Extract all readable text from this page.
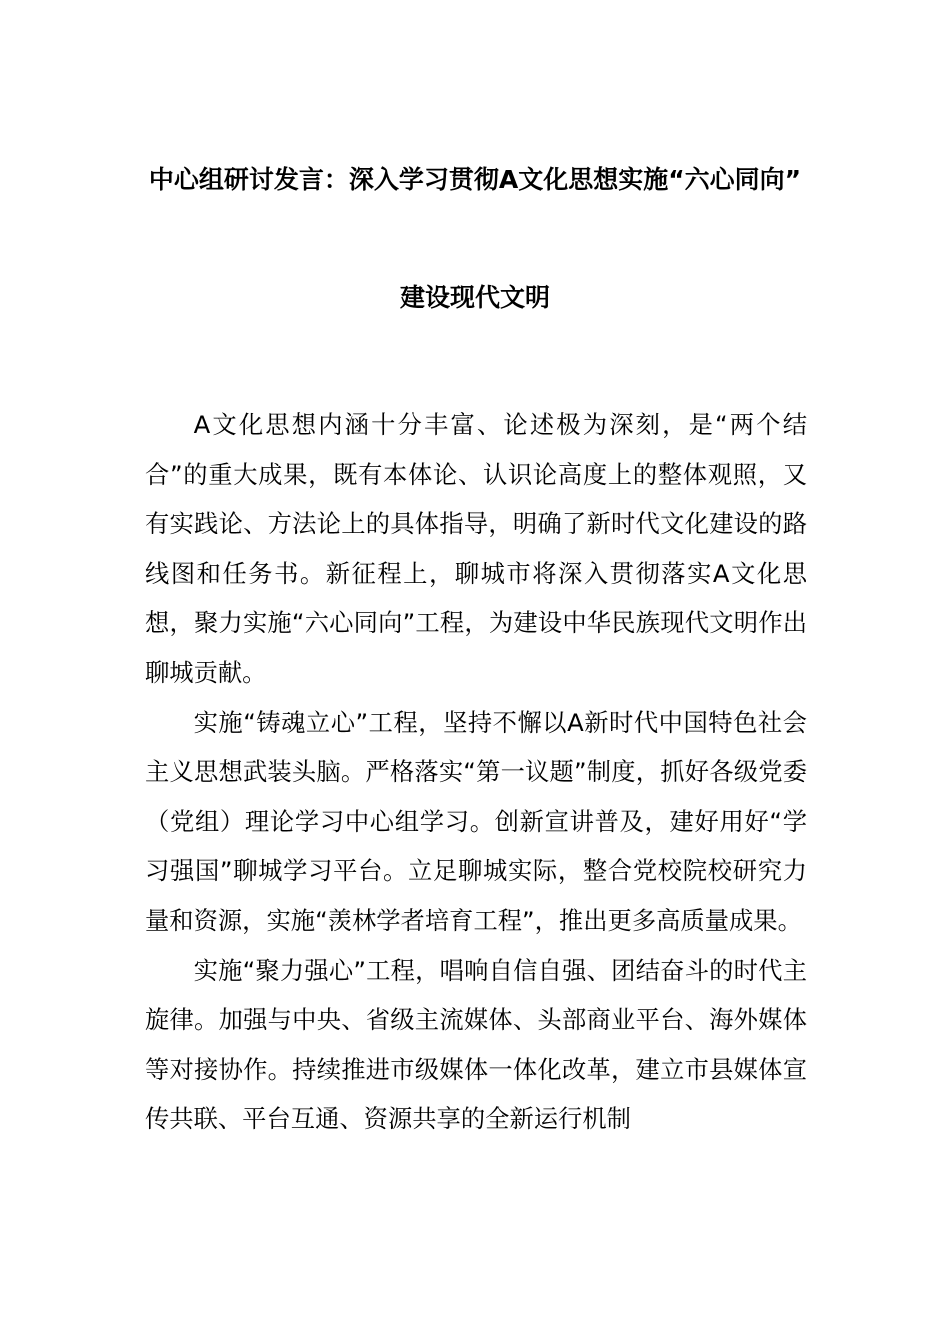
中心组研讨发言：深入学习贯彻A文化思想实施“六心同向”
建设现代文明

A文化思想内涵十分丰富、论述极为深刻，是“两个结合”的重大成果，既有本体论、认识论高度上的整体观照，又有实践论、方法论上的具体指导，明确了新时代文化建设的路线图和任务书。新征程上，聊城市将深入贯彻落实A文化思想，聚力实施“六心同向”工程，为建设中华民族现代文明作出聊城贡献。

实施“铸魂立心”工程，坚持不懈以A新时代中国特色社会主义思想武装头脑。严格落实“第一议题”制度，抓好各级党委（党组）理论学习中心组学习。创新宣讲普及，建好用好“学习强国”聊城学习平台。立足聊城实际，整合党校院校研究力量和资源，实施“羡林学者培育工程”，推出更多高质量成果。

实施“聚力强心”工程，唱响自信自强、团结奋斗的时代主旋律。加强与中央、省级主流媒体、头部商业平台、海外媒体等对接协作。持续推进市级媒体一体化改革，建立市县媒体宣传共联、平台互通、资源共享的全新运行机制
